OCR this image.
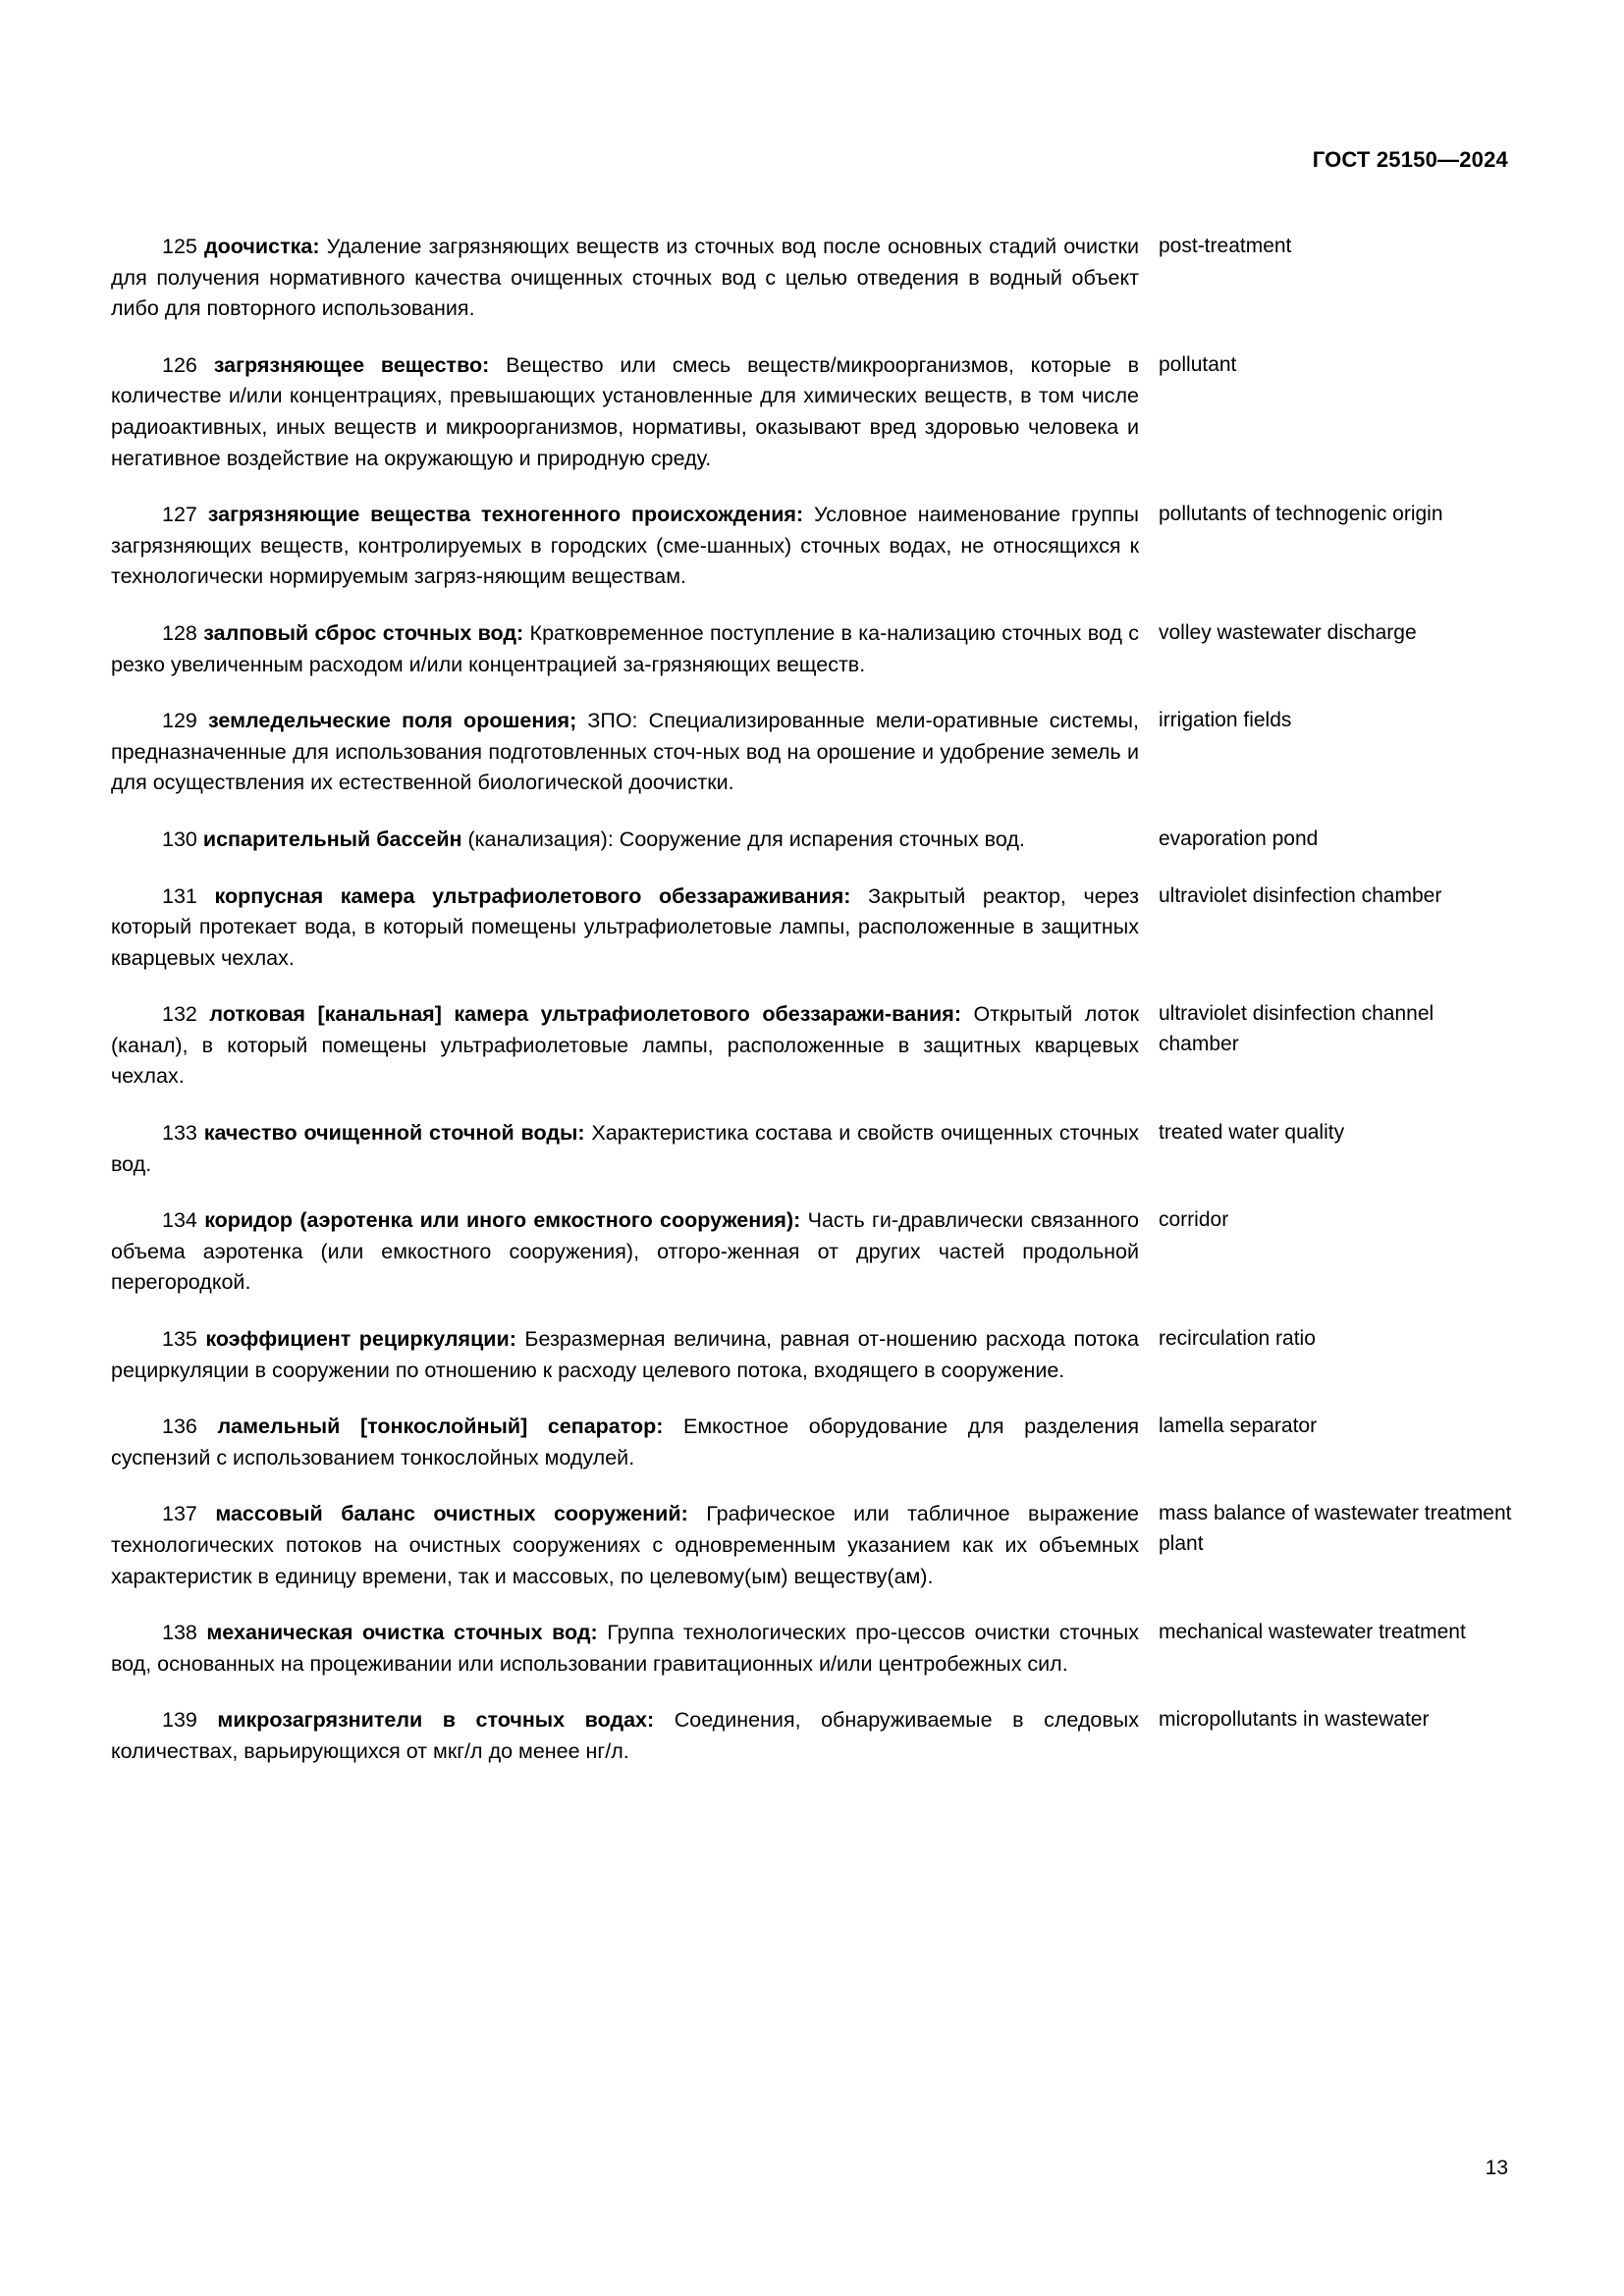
ГОСТ 25150—2024
125 доочистка: Удаление загрязняющих веществ из сточных вод после основных стадий очистки для получения нормативного качества очищенных сточных вод с целью отведения в водный объект либо для повторного использования.
post-treatment
126 загрязняющее вещество: Вещество или смесь веществ/микроорганизмов, которые в количестве и/или концентрациях, превышающих установленные для химических веществ, в том числе радиоактивных, иных веществ и микроорганизмов, нормативы, оказывают вред здоровью человека и негативное воздействие на окружающую и природную среду.
pollutant
127 загрязняющие вещества техногенного происхождения: Условное наименование группы загрязняющих веществ, контролируемых в городских (сме-шанных) сточных водах, не относящихся к технологически нормируемым загряз-няющим веществам.
pollutants of technogenic origin
128 залповый сброс сточных вод: Кратковременное поступление в ка-нализацию сточных вод с резко увеличенным расходом и/или концентрацией за-грязняющих веществ.
volley wastewater discharge
129 земледельческие поля орошения; ЗПО: Специализированные мели-оративные системы, предназначенные для использования подготовленных сточ-ных вод на орошение и удобрение земель и для осуществления их естественной биологической доочистки.
irrigation fields
130 испарительный бассейн (канализация): Сооружение для испарения сточных вод.	evaporation pond
131 корпусная камера ультрафиолетового обеззараживания: Закрытый реактор, через который протекает вода, в который помещены ультрафиолетовые лампы, расположенные в защитных кварцевых чехлах.
ultraviolet disinfection chamber
132 лотковая [канальная] камера ультрафиолетового обеззаражи-вания: Открытый лоток (канал), в который помещены ультрафиолетовые лампы, расположенные в защитных кварцевых чехлах.
ultraviolet disinfection channel chamber
133 качество очищенной сточной воды: Характеристика состава и свойств очищенных сточных вод.
treated water quality
134 коридор (аэротенка или иного емкостного сооружения): Часть ги-дравлически связанного объема аэротенка (или емкостного сооружения), отгоро-женная от других частей продольной перегородкой.
corridor
135 коэффициент рециркуляции: Безразмерная величина, равная от-ношению расхода потока рециркуляции в сооружении по отношению к расходу целевого потока, входящего в сооружение.
recirculation ratio
136 ламельный [тонкослойный] сепаратор: Емкостное оборудование для разделения суспензий с использованием тонкослойных модулей.
lamella separator
137 массовый баланс очистных сооружений: Графическое или табличное выражение технологических потоков на очистных сооружениях с одновременным указанием как их объемных характеристик в единицу времени, так и массовых, по целевому(ым) веществу(ам).
mass balance of wastewater treatment plant
138 механическая очистка сточных вод: Группа технологических про-цессов очистки сточных вод, основанных на процеживании или использовании гравитационных и/или центробежных сил.
mechanical wastewater treatment
139 микрозагрязнители в сточных водах: Соединения, обнаруживаемые в следовых количествах, варьирующихся от мкг/л до менее нг/л.
micropollutants in wastewater
13
